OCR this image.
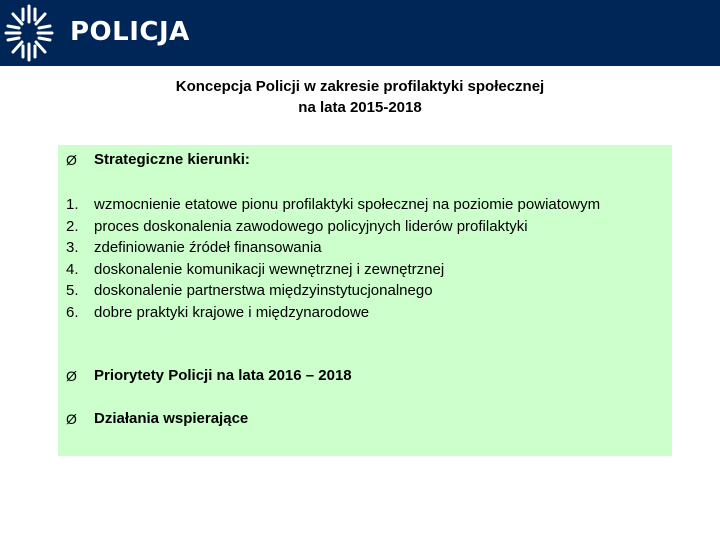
POLICJA
Koncepcja Policji w zakresie profilaktyki społecznej
na lata 2015-2018
Ø	Strategiczne kierunki:
1.	wzmocnienie etatowe pionu profilaktyki społecznej na poziomie powiatowym
2.	proces doskonalenia zawodowego policyjnych liderów profilaktyki
3.	zdefiniowanie źródeł finansowania
4.	doskonalenie komunikacji wewnętrznej i zewnętrznej
5.	doskonalenie partnerstwa międzyinstytucjonalnego
6.	dobre praktyki krajowe i międzynarodowe
Ø	Priorytety Policji na lata 2016 – 2018
Ø	Działania wspierające
